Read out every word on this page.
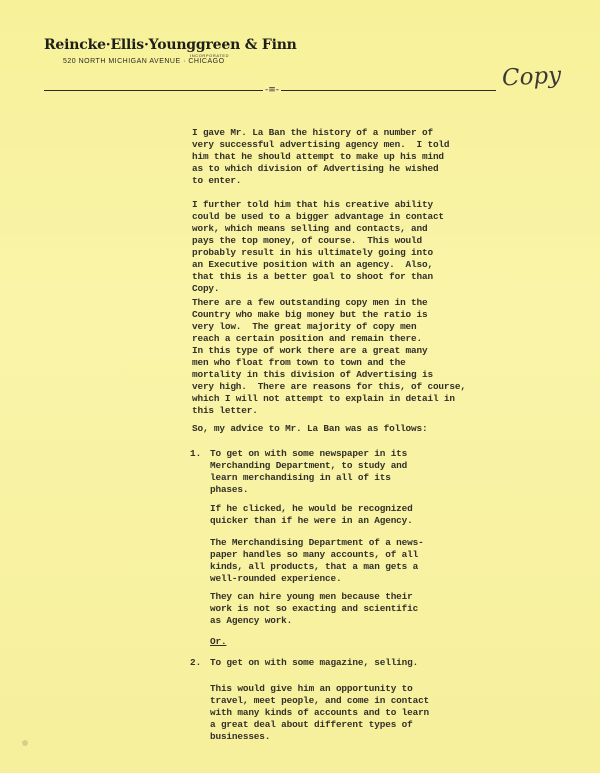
Reincke·Ellis·Younggreen & Finn
INCORPORATED
520 NORTH MICHIGAN AVENUE · CHICAGO
-≡-	Copy
I gave Mr. La Ban the history of a number of
very successful advertising agency men.  I told
him that he should attempt to make up his mind
as to which division of Advertising he wished
to enter.
I further told him that his creative ability
could be used to a bigger advantage in contact
work, which means selling and contacts, and
pays the top money, of course.  This would
probably result in his ultimately going into
an Executive position with an agency.  Also,
that this is a better goal to shoot for than
Copy.
There are a few outstanding copy men in the
Country who make big money but the ratio is
very low.  The great majority of copy men
reach a certain position and remain there.
In this type of work there are a great many
men who float from town to town and the
mortality in this division of Advertising is
very high.  There are reasons for this, of course,
which I will not attempt to explain in detail in
this letter.
So, my advice to Mr. La Ban was as follows:
1. To get on with some newspaper in its
Merchanding Department, to study and
learn merchandising in all of its
phases.
If he clicked, he would be recognized
quicker than if he were in an Agency.
The Merchandising Department of a news-
paper handles so many accounts, of all
kinds, all products, that a man gets a
well-rounded experience.
They can hire young men because their
work is not so exacting and scientific
as Agency work.
Or.
2. To get on with some magazine, selling.
This would give him an opportunity to
travel, meet people, and come in contact
with many kinds of accounts and to learn
a great deal about different types of
businesses.
